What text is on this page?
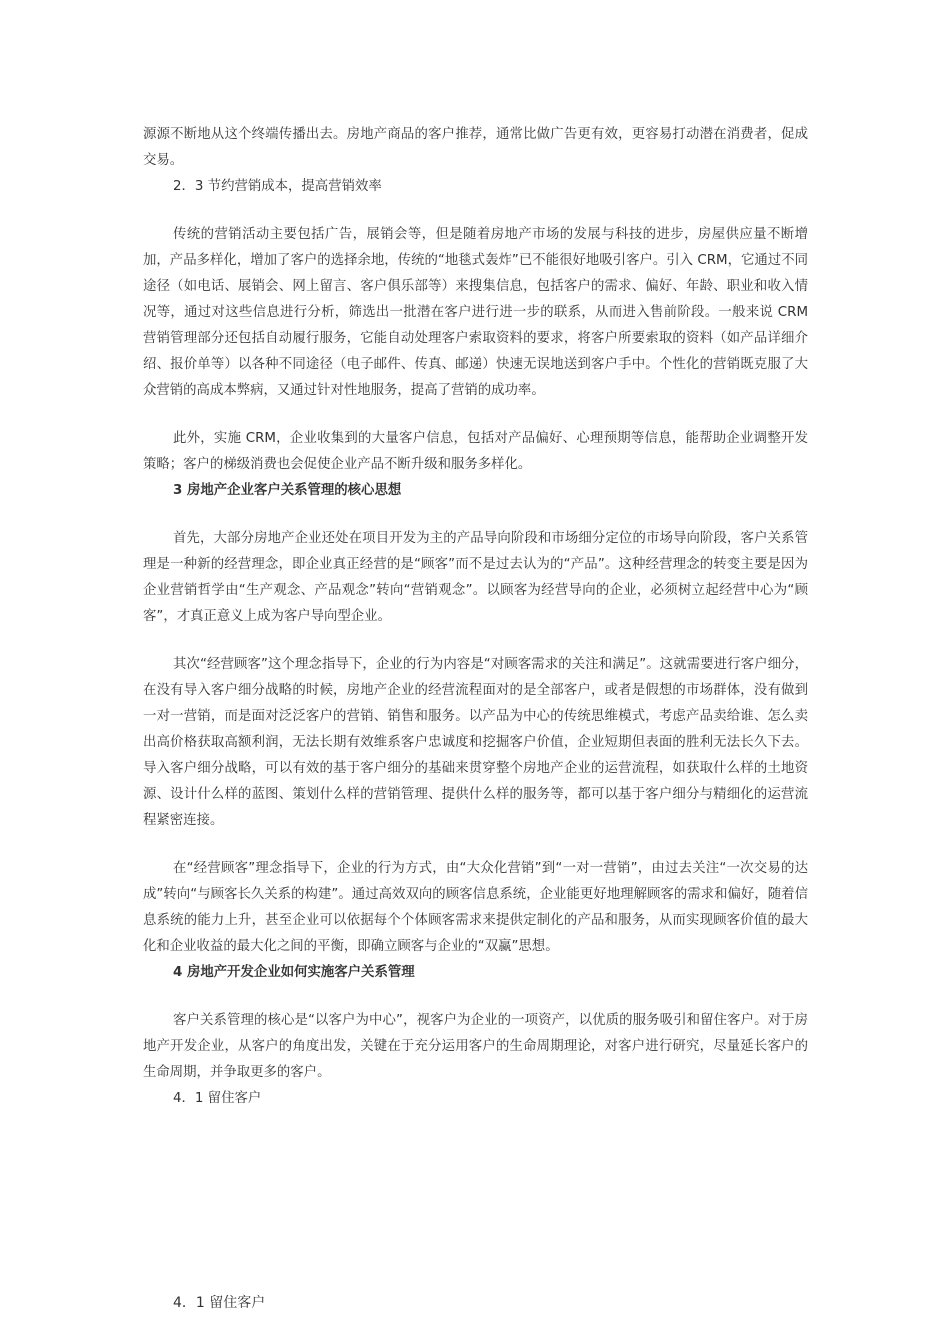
源源不断地从这个终端传播出去。房地产商品的客户推荐，通常比做广告更有效，更容易打动潜在消费者，促成交易。

2．3 节约营销成本，提高营销效率

传统的营销活动主要包括广告，展销会等，但是随着房地产市场的发展与科技的进步，房屋供应量不断增加，产品多样化，增加了客户的选择余地，传统的“地毯式轰炸”已不能很好地吸引客户。引入 CRM，它通过不同途径（如电话、展销会、网上留言、客户俱乐部等）来搜集信息，包括客户的需求、偏好、年龄、职业和收入情况等，通过对这些信息进行分析，筛选出一批潜在客户进行进一步的联系，从而进入售前阶段。一般来说 CRM 营销管理部分还包括自动履行服务，它能自动处理客户索取资料的要求，将客户所要索取的资料（如产品详细介绍、报价单等）以各种不同途径（电子邮件、传真、邮递）快速无误地送到客户手中。个性化的营销既克服了大众营销的高成本弊病，又通过针对性地服务，提高了营销的成功率。

此外，实施 CRM，企业收集到的大量客户信息，包括对产品偏好、心理预期等信息，能帮助企业调整开发策略；客户的梯级消费也会促使企业产品不断升级和服务多样化。

3 房地产企业客户关系管理的核心思想

首先，大部分房地产企业还处在项目开发为主的产品导向阶段和市场细分定位的市场导向阶段，客户关系管理是一种新的经营理念，即企业真正经营的是“顾客”而不是过去认为的“产品”。这种经营理念的转变主要是因为企业营销哲学由“生产观念、产品观念”转向“营销观念”。以顾客为经营导向的企业，必须树立起经营中心为“顾客”，才真正意义上成为客户导向型企业。

其次“经营顾客”这个理念指导下，企业的行为内容是“对顾客需求的关注和满足”。这就需要进行客户细分，在没有导入客户细分战略的时候，房地产企业的经营流程面对的是全部客户，或者是假想的市场群体，没有做到一对一营销，而是面对泛泛客户的营销、销售和服务。以产品为中心的传统思维模式，考虑产品卖给谁、怎么卖出高价格获取高额利润，无法长期有效维系客户忠诚度和挖掘客户价值，企业短期但表面的胜利无法长久下去。导入客户细分战略，可以有效的基于客户细分的基础来贯穿整个房地产企业的运营流程，如获取什么样的土地资源、设计什么样的蓝图、策划什么样的营销管理、提供什么样的服务等，都可以基于客户细分与精细化的运营流程紧密连接。

在“经营顾客”理念指导下，企业的行为方式，由“大众化营销”到“一对一营销”，由过去关注“一次交易的达成”转向“与顾客长久关系的构建”。通过高效双向的顾客信息系统，企业能更好地理解顾客的需求和偏好，随着信息系统的能力上升，甚至企业可以依据每个个体顾客需求来提供定制化的产品和服务，从而实现顾客价值的最大化和企业收益的最大化之间的平衡，即确立顾客与企业的“双赢”思想。

4 房地产开发企业如何实施客户关系管理

客户关系管理的核心是“以客户为中心”，视客户为企业的一项资产，以优质的服务吸引和留住客户。对于房地产开发企业，从客户的角度出发，关键在于充分运用客户的生命周期理论，对客户进行研究，尽量延长客户的生命周期，并争取更多的客户。

4．1 留住客户

4．1 留住客户
